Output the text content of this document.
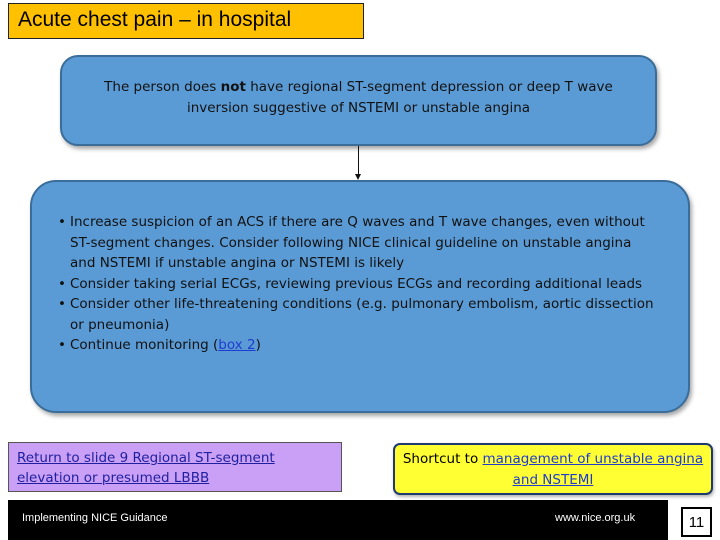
Acute chest pain – in hospital
The person does not have regional ST-segment depression or deep T wave inversion suggestive of NSTEMI or unstable angina
• Increase suspicion of an ACS if there are Q waves and T wave changes, even without ST-segment changes. Consider following NICE clinical guideline on unstable angina and NSTEMI if unstable angina or NSTEMI is likely
• Consider taking serial ECGs, reviewing previous ECGs and recording additional leads
• Consider other life-threatening conditions (e.g. pulmonary embolism, aortic dissection or pneumonia)
• Continue monitoring (box 2)
Return to slide 9 Regional ST-segment elevation or presumed LBBB
Shortcut to management of unstable angina and NSTEMI
Implementing NICE Guidance	www.nice.org.uk	11
